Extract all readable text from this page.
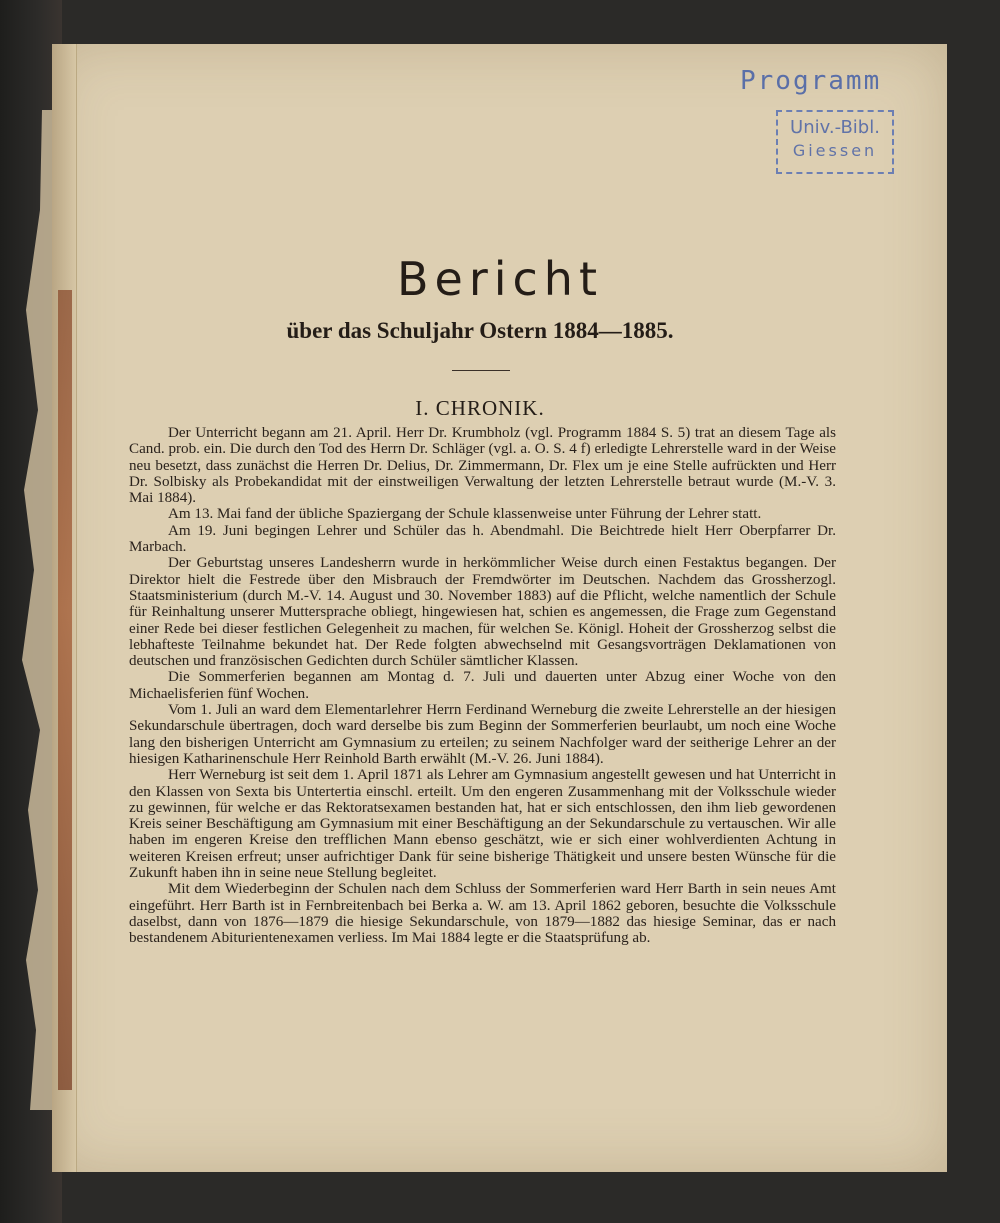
Programm
Univ.-Bibl.
Giessen
Bericht
über das Schuljahr Ostern 1884—1885.
I. CHRONIK.

Der Unterricht begann am 21. April. Herr Dr. Krumbholz (vgl. Programm 1884 S. 5) trat an diesem Tage als Cand. prob. ein. Die durch den Tod des Herrn Dr. Schläger (vgl. a. O. S. 4 f) erledigte Lehrerstelle ward in der Weise neu besetzt, dass zunächst die Herren Dr. Delius, Dr. Zimmermann, Dr. Flex um je eine Stelle aufrückten und Herr Dr. Solbisky als Probekandidat mit der einstweiligen Verwaltung der letzten Lehrerstelle betraut wurde (M.-V. 3. Mai 1884).

Am 13. Mai fand der übliche Spaziergang der Schule klassenweise unter Führung der Lehrer statt.

Am 19. Juni begingen Lehrer und Schüler das h. Abendmahl. Die Beichtrede hielt Herr Oberpfarrer Dr. Marbach.

Der Geburtstag unseres Landesherrn wurde in herkömmlicher Weise durch einen Festaktus begangen. Der Direktor hielt die Festrede über den Misbrauch der Fremdwörter im Deutschen. Nachdem das Grossherzogl. Staatsministerium (durch M.-V. 14. August und 30. November 1883) auf die Pflicht, welche namentlich der Schule für Reinhaltung unserer Muttersprache obliegt, hingewiesen hat, schien es angemessen, die Frage zum Gegenstand einer Rede bei dieser festlichen Gelegenheit zu machen, für welchen Se. Königl. Hoheit der Grossherzog selbst die lebhafteste Teilnahme bekundet hat. Der Rede folgten abwechselnd mit Gesangsvorträgen Deklamationen von deutschen und französischen Gedichten durch Schüler sämtlicher Klassen.

Die Sommerferien begannen am Montag d. 7. Juli und dauerten unter Abzug einer Woche von den Michaelisferien fünf Wochen.

Vom 1. Juli an ward dem Elementarlehrer Herrn Ferdinand Werneburg die zweite Lehrerstelle an der hiesigen Sekundarschule übertragen, doch ward derselbe bis zum Beginn der Sommerferien beurlaubt, um noch eine Woche lang den bisherigen Unterricht am Gymnasium zu erteilen; zu seinem Nachfolger ward der seitherige Lehrer an der hiesigen Katharinenschule Herr Reinhold Barth erwählt (M.-V. 26. Juni 1884).

Herr Werneburg ist seit dem 1. April 1871 als Lehrer am Gymnasium angestellt gewesen und hat Unterricht in den Klassen von Sexta bis Untertertia einschl. erteilt. Um den engeren Zusammenhang mit der Volksschule wieder zu gewinnen, für welche er das Rektoratsexamen bestanden hat, hat er sich entschlossen, den ihm lieb gewordenen Kreis seiner Beschäftigung am Gymnasium mit einer Beschäftigung an der Sekundarschule zu vertauschen. Wir alle haben im engeren Kreise den trefflichen Mann ebenso geschätzt, wie er sich einer wohlverdienten Achtung in weiteren Kreisen erfreut; unser aufrichtiger Dank für seine bisherige Thätigkeit und unsere besten Wünsche für die Zukunft haben ihn in seine neue Stellung begleitet.

Mit dem Wiederbeginn der Schulen nach dem Schluss der Sommerferien ward Herr Barth in sein neues Amt eingeführt. Herr Barth ist in Fernbreitenbach bei Berka a. W. am 13. April 1862 geboren, besuchte die Volksschule daselbst, dann von 1876—1879 die hiesige Sekundarschule, von 1879—1882 das hiesige Seminar, das er nach bestandenem Abiturientenexamen verliess. Im Mai 1884 legte er die Staatsprüfung ab.
